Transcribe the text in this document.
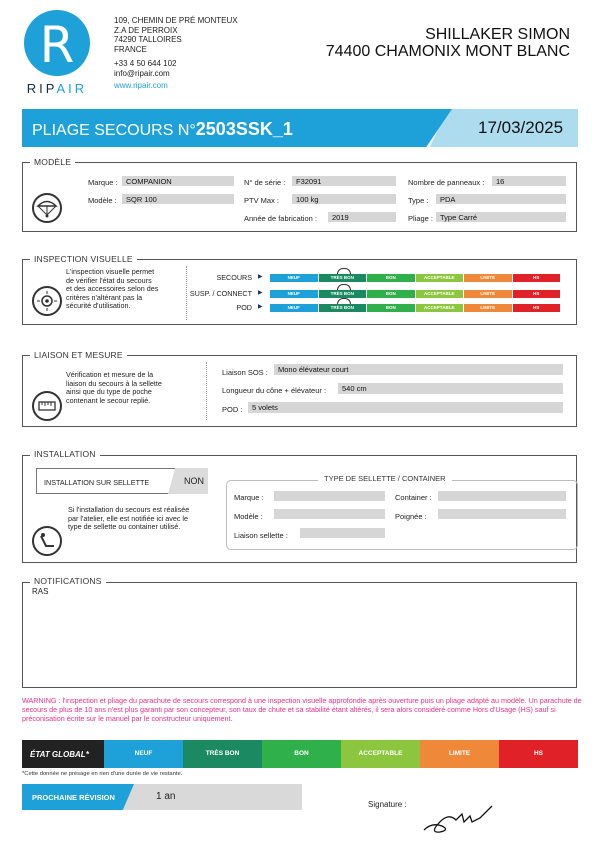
R
RIPAIR
109, CHEMIN DE PRÉ MONTEUX
Z.A DE PERROIX
74290 TALLOIRES
FRANCE
+33 4 50 644 102
info@ripair.com
www.ripair.com
SHILLAKER SIMON
74400 CHAMONIX MONT BLANC
PLIAGE SECOURS N°2503SSK_1	17/03/2025
MODÈLE
Marque :	COMPANION
Modèle :	SQR 100
N° de série :	F32091
PTV Max :	100 kg
Année de fabrication :	2019
Nombre de panneaux :	16
Type :	PDA
Pliage : Type Carré
INSPECTION VISUELLE
L'inspection visuelle permet
de vérifier l'état du secours
et des accessoires selon des
critères n'altérant pas la
sécurité d'utilisation.
SECOURS ▶	NEUF	TRÈS BON	BON	ACCEPTABLE	LIMITE	HS
SUSP. / CONNECT ▶	NEUF	TRÈS BON	BON	ACCEPTABLE	LIMITE	HS
POD ▶	NEUF	TRÈS BON	BON	ACCEPTABLE	LIMITE	HS
LIAISON ET MESURE
Vérification et mesure de la
liaison du secours à la sellette
ainsi que du type de poche
contenant le secour replié.
Liaison SOS :	Mono élévateur court
Longueur du cône + élévateur :	540 cm
POD :	5 volets
INSTALLATION
INSTALLATION SUR SELLETTE	NON
Si l'installation du secours est réalisée
par l'atelier, elle est notifiée ici avec le
type de sellette ou container utilisé.
TYPE DE SELLETTE / CONTAINER
Marque :
Modèle :
Liaison sellette :
Container :
Poignée :
NOTIFICATIONS
RAS
WARNING : l'inspection et pliage du parachute de secours correspond à une inspection visuelle approfondie après ouverture puis un pliage adapté au modèle. Un parachute de secours de plus de 10 ans n'est plus garanti par son concepteur, son taux de chute et sa stabilité étant altérés, il sera alors considéré comme Hors d'Usage (HS) sauf si préconisation écrite sur le manuel par le constructeur uniquement.
NEUF	TRÈS BON	BON	ACCEPTABLE	LIMITE	HS
ÉTAT GLOBAL*
*Cette donnée ne présage en rien d'une durée de vie restante.
PROCHAINE RÉVISION	1 an
Signature :
